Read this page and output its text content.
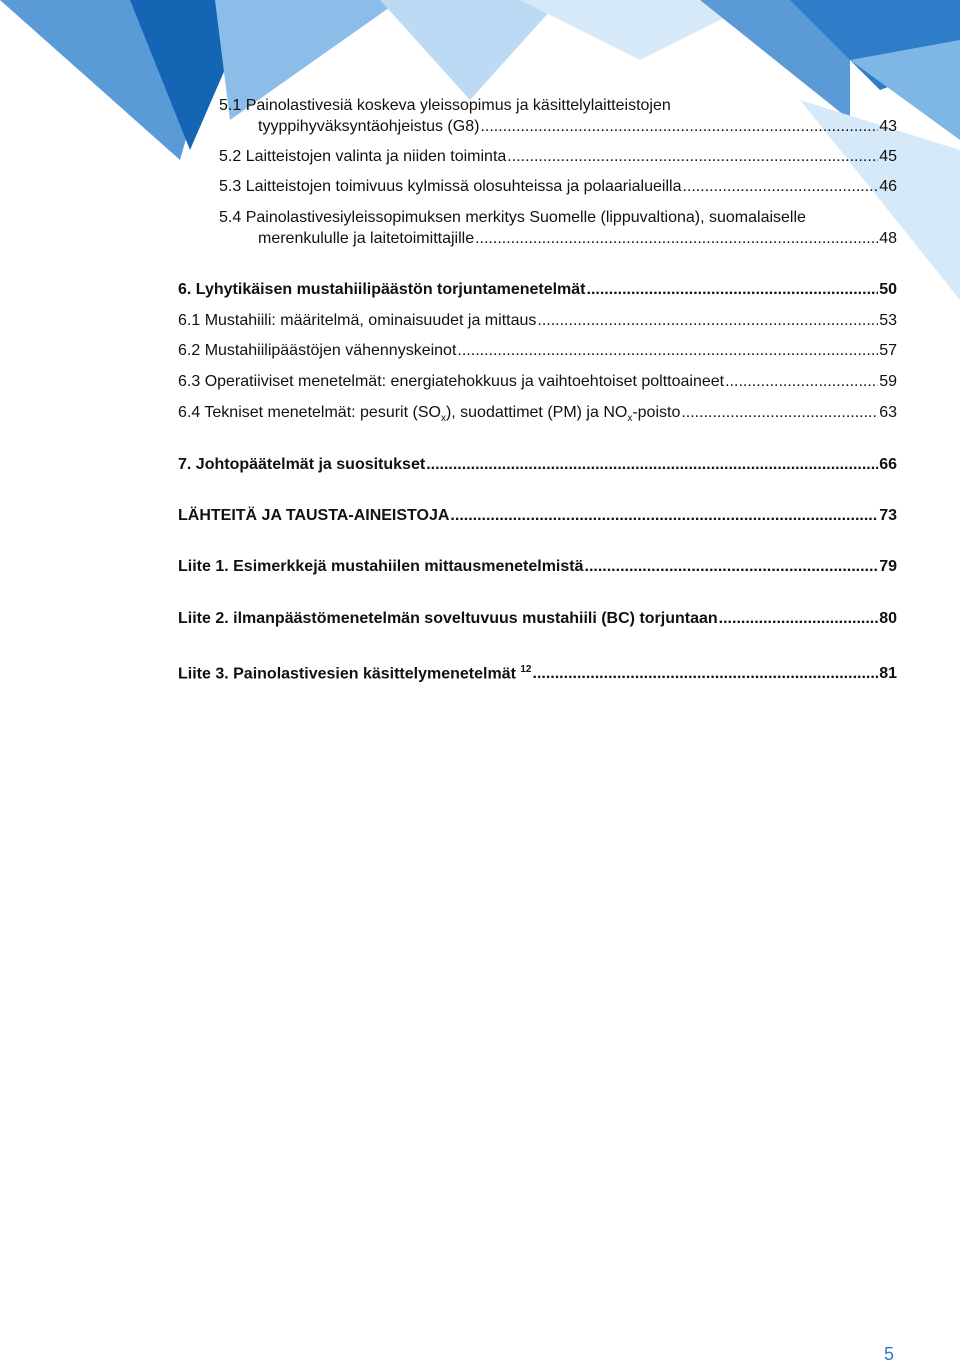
5.1 Painolastivesiä koskeva yleissopimus ja käsittelylaitteistojen
tyyppihyväksyntäohjeistus (G8) .....	43
5.2 Laitteistojen valinta ja niiden toiminta .....	45
5.3 Laitteistojen toimivuus kylmissä olosuhteissa ja polaarialueilla .....	46
5.4 Painolastivesiyleissopimuksen merkitys Suomelle (lippuvaltiona), suomalaiselle
merenkululle ja laitetoimittajille .....	48
6. Lyhytikäisen mustahiilipäästön torjuntamenetelmät .....	50
6.1 Mustahiili: määritelmä, ominaisuudet ja mittaus .....	53
6.2 Mustahiilipäästöjen vähennyskeinot .....	57
6.3 Operatiiviset menetelmät: energiatehokkuus ja vaihtoehtoiset polttoaineet .....	59
6.4 Tekniset menetelmät: pesurit $(SO_x)$, suodattimet (PM) ja $NO_x$-poisto .....	63
7. Johtopäätelmät ja suositukset .....	66
LÄHTEITÄ JA TAUSTA-AINEISTOJA .....	73
Liite 1. Esimerkkejä mustahiilen mittausmenetelmistä .....	79
Liite 2. ilmanpäästömenetelmän soveltuvuus mustahiili (BC) torjuntaan .....	80
Liite 3. Painolastivesien käsittelymenetelmät $^{12}$ .....	81
5
